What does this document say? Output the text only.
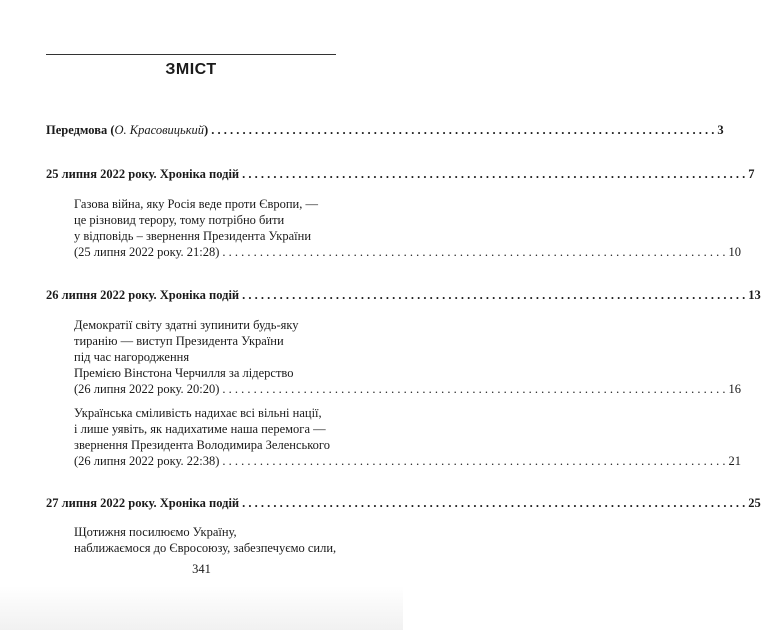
ЗМІСТ
Передмова (О. Красовицький) . . .	3
25 липня 2022 року. Хроніка подій . . .	7
Газова війна, яку Росія веде проти Європи, —
це різновид терору, тому потрібно бити
у відповідь – звернення Президента України
(25 липня 2022 року. 21:28) . . .	10
26 липня 2022 року. Хроніка подій . . .	13
Демократії світу здатні зупинити будь-яку
тиранію — виступ Президента України
під час нагородження
Премією Вінстона Черчилля за лідерство
(26 липня 2022 року. 20:20) . . .	16
Українська сміливість надихає всі вільні нації,
і лише уявіть, як надихатиме наша перемога —
звернення Президента Володимира Зеленського
(26 липня 2022 року. 22:38) . . .	21
27 липня 2022 року. Хроніка подій . . .	25
Щотижня посилюємо Україну,
наближаємося до Євросоюзу, забезпечуємо сили,
341
